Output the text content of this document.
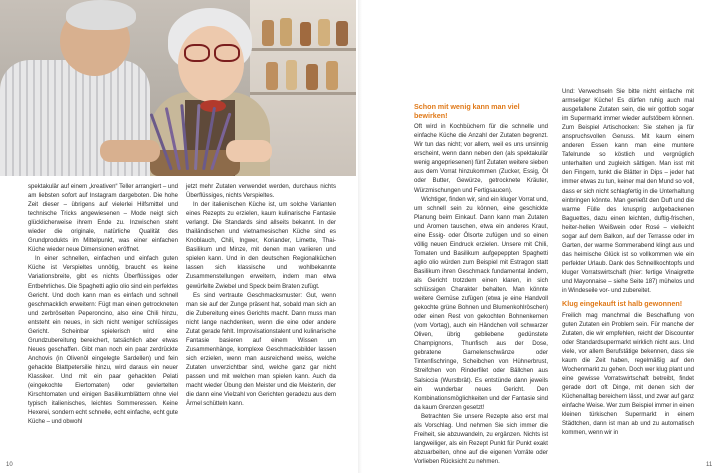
spektakulär auf einem „kreativen“ Teller arrangiert – und am liebsten sofort auf Instagram dargeboten. Die hohe Zeit dieser – übrigens auf vielerlei Hilfsmittel und technische Tricks angewiesenen – Mode neigt sich glücklicherweise ihrem Ende zu. Inzwischen steht wieder die originale, natürliche Qualität des Grundprodukts im Mittelpunkt, was einer einfachen Küche wieder neue Dimensionen eröffnet.

In einer schnellen, einfachen und einfach guten Küche ist Verspieltes unnötig, braucht es keine Variationsbreite, gibt es nichts Überflüssiges oder Entbehrliches. Die Spaghetti aglio olio sind ein perfektes Gericht. Und doch kann man es einfach und schnell geschmacklich erweitern: Fügt man einen getrockneten und zerbröselten Peperoncino, also eine Chili hinzu, entsteht ein neues, in sich nicht weniger schlüssiges Gericht. Scheinbar spielerisch wird eine Grundzubereitung bereichert, tatsächlich aber etwas Neues geschaffen. Gibt man noch ein paar zerdrückte Anchovis (in Olivenöl eingelegte Sardellen) und fein gehackte Blattpetersilie hinzu, wird daraus ein neuer Klassiker. Und mit ein paar gehackten Pelati (eingekochte Eiertomaten) oder geviertelten Kirschtomaten und einigen Basilikumblättern ohne viel typisch italienisches, leichtes Sommeressen. Keine Hexerei, sondern echt schnelle, echt einfache, echt gute Küche – und obwohl

jetzt mehr Zutaten verwendet werden, durchaus nichts Überflüssiges, nichts Verspieltes.

In der italienischen Küche ist, um solche Varianten eines Rezepts zu erzielen, kaum kulinarische Fantasie verlangt. Die Standards sind allseits bekannt. In der thailändischen und vietnamesischen Küche sind es Knoblauch, Chili, Ingwer, Koriander, Limette, Thai-Basilikum und Minze, mit denen man variieren und spielen kann. Und in den deutschen Regionalküchen lassen sich klassische und wohlbekannte Zusammenstellungen erweitern, indem man etwa gewürfelte Zwiebel und Speck beim Braten zufügt.

Es sind vertraute Geschmacksmuster: Gut, wenn man sie auf der Zunge präsent hat, sobald man sich an die Zubereitung eines Gerichts macht. Dann muss man nicht lange nachdenken, wenn die eine oder andere Zutat gerade fehlt. Improvisationstalent und kulinarische Fantasie basieren auf einem Wissen um Zusammenhänge, komplexe Geschmacksbilder lassen sich erzielen, wenn man ausreichend weiss, welche Zutaten unverzichtbar sind, welche ganz gar nicht passen und mit welchen man spielen kann. Auch da macht wieder Übung den Meister und die Meisterin, der die dann eine Vielzahl von Gerichten geradezu aus dem Ärmel schütteln kann.

Schon mit wenig kann man viel bewirken!

Oft wird in Kochbüchern für die schnelle und einfache Küche die Anzahl der Zutaten begrenzt. Wir tun das nicht; vor allem, weil es uns unsinnig erscheint, wenn dann neben den (als spektakulär wenig angepriesenen) fünf Zutaten weitere sieben aus dem Vorrat hinzukommen (Zucker, Essig, Öl oder Butter, Gewürze, getrocknete Kräuter, Würzmischungen und Fertigsaucen).

Wichtiger, finden wir, sind ein kluger Vorrat und, um schnell sein zu können, eine geschickte Planung beim Einkauf. Dann kann man Zutaten und Aromen tauschen, etwa ein anderes Kraut, eine Essig- oder Ölsorte zufügen und so einen völlig neuen Eindruck erzielen. Unsere mit Chili, Tomaten und Basilikum aufgepeppten Spaghetti aglio olio würden zum Beispiel mit Estragon statt Basilikum ihren Geschmack fundamental ändern, als Gericht trotzdem einen klaren, in sich schlüssigen Charakter behalten. Man könnte weitere Gemüse zufügen (etwa je eine Handvoll gekochte grüne Bohnen und Blumenkohlröschen) oder einen Rest von gekochten Bohnenkernen (vom Vortag), auch ein Händchen voll schwarzer Oliven, übrig gebliebene gedünstete Champignons, Thunfisch aus der Dose, gebratene Garnelenschwänze oder Tintenfischringe, Scheibchen von Hühnerbrust, Streifchen von Rinderfilet oder Bällchen aus Salsiccia (Wurstbrät). Es entstünde dann jeweils ein wunderbar neues Gericht. Den Kombinationsmöglichkeiten und der Fantasie sind da kaum Grenzen gesetzt!

Betrachten Sie unsere Rezepte also erst mal als Vorschlag. Und nehmen Sie sich immer die Freiheit, sie abzuwandeln, zu ergänzen. Nichts ist langweiliger, als ein Rezept Punkt für Punkt exakt abzuarbeiten, ohne auf die eigenen Vorräte oder Vorlieben Rücksicht zu nehmen.

Und: Verwechseln Sie bitte nicht einfache mit armseliger Küche! Es dürfen ruhig auch mal ausgefallene Zutaten sein, die wir gottlob sogar im Supermarkt immer wieder aufstöbern können. Zum Beispiel Artischocken: Sie stehen ja für anspruchsvollen Genuss. Mit kaum einem anderen Essen kann man eine muntere Tafelrunde so köstlich und vergnüglich unterhalten und zugleich sättigen. Man isst mit den Fingern, tunkt die Blätter in Dips – jeder hat immer etwas zu tun, keiner mal den Mund so voll, dass er sich nicht schlagfertig in die Unterhaltung einbringen könnte. Man genießt den Duft und die warme Fülle des knusprig aufgebackenen Baguettes, dazu einen leichten, duftig-frischen, heiter-hellen Weißwein oder Rosé – vielleicht sogar auf dem Balkon, auf der Terrasse oder im Garten, der warme Sommerabend klingt aus und das heimische Glück ist so vollkommen wie ein perfekter Urlaub. Dank des Schnellkochtopfs und kluger Vorratswirtschaft (hier: fertige Vinaigrette und Mayonnaise – siehe Seite 187) mühelos und in Windeseile vor- und zubereitet.

Klug eingekauft ist halb gewonnen!

Freilich mag manchmal die Beschaffung von guten Zutaten ein Problem sein. Für manche der Zutaten, die wir empfehlen, reicht der Discounter oder Standardsupermarkt wirklich nicht aus. Und viele, vor allem Berufstätige bekennen, dass sie kaum die Zeit haben, regelmäßig auf den Wochenmarkt zu gehen. Doch wer klug plant und eine gewisse Vorratswirtschaft betreibt, findet gerade dort oft Dinge, mit denen sich der Küchenalltag bereichern lässt, und zwar auf ganz einfache Weise. Wer zum Beispiel immer in einen kleinen türkischen Supermarkt in einem Städtchen, dann ist man ab und zu automatisch kommen, wenn wir in

10	11
